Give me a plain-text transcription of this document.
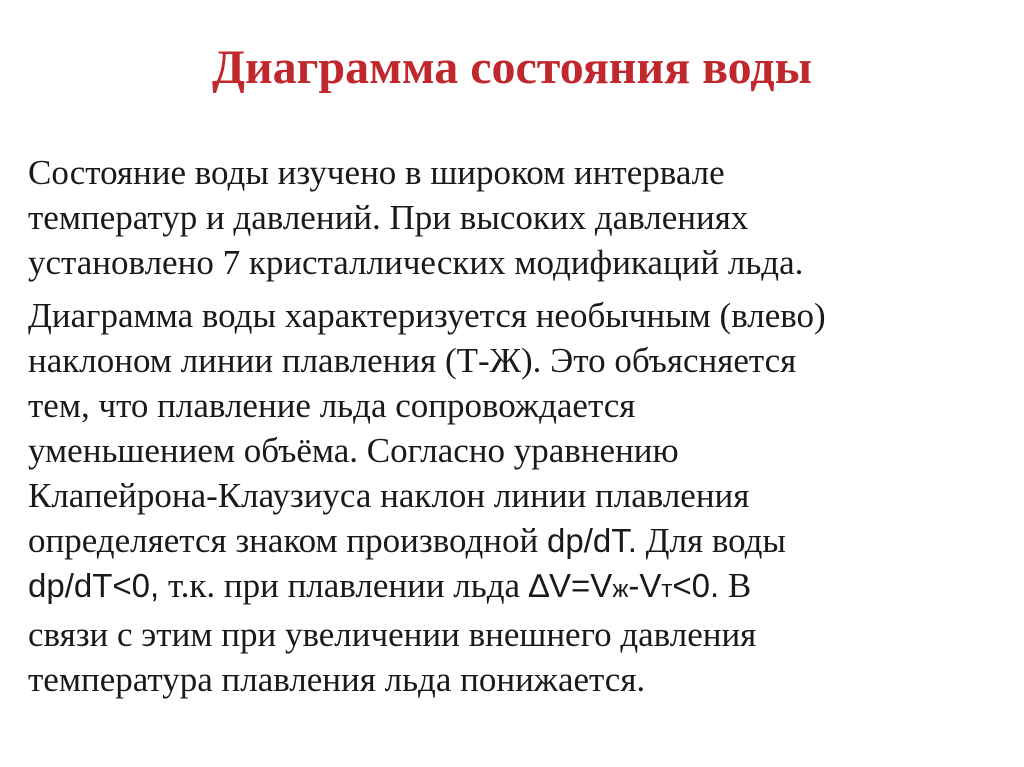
Диаграмма состояния воды

Состояние воды изучено в широком интервале
температур и давлений. При высоких давлениях
установлено 7 кристаллических модификаций льда.

Диаграмма воды характеризуется необычным (влево)
наклоном линии плавления (Т-Ж). Это объясняется
тем, что плавление льда сопровождается
уменьшением объёма. Согласно уравнению
Клапейрона-Клаузиуса наклон линии плавления
определяется знаком производной dp/dT. Для воды
dp/dT<0, т.к. при плавлении льда ∆V=Vж-Vт<0. В
связи с этим при увеличении внешнего давления
температура плавления льда понижается.
